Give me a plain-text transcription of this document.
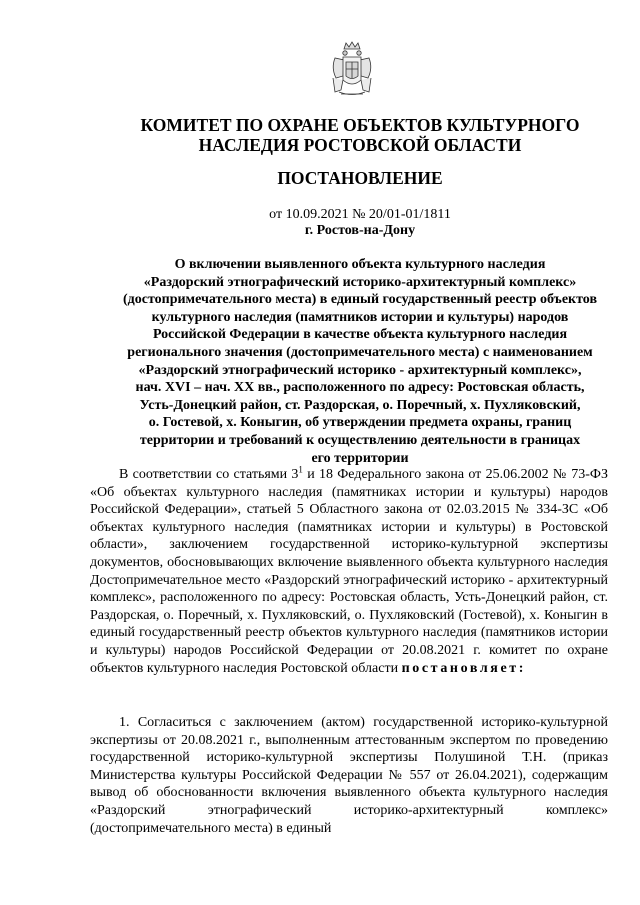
КОМИТЕТ ПО ОХРАНЕ ОБЪЕКТОВ КУЛЬТУРНОГО
НАСЛЕДИЯ РОСТОВСКОЙ ОБЛАСТИ
ПОСТАНОВЛЕНИЕ
от 10.09.2021 № 20/01-01/1811
г. Ростов-на-Дону
О включении выявленного объекта культурного наследия
«Раздорский этнографический историко-архитектурный комплекс»
(достопримечательного места) в единый государственный реестр объектов
культурного наследия (памятников истории и культуры) народов
Российской Федерации в качестве объекта культурного наследия
регионального значения (достопримечательного места) с наименованием
«Раздорский этнографический историко - архитектурный комплекс»,
нач. XVI – нач. XX вв., расположенного по адресу: Ростовская область,
Усть-Донецкий район, ст. Раздорская, о. Поречный, х. Пухляковский,
о. Гостевой, х. Коныгин, об утверждении предмета охраны, границ
территории и требований к осуществлению деятельности в границах
его территории

В соответствии со статьями $3^1$ и 18 Федерального закона от 25.06.2002 № 73-ФЗ «Об объектах культурного наследия (памятниках истории и культуры) народов Российской Федерации», статьей 5 Областного закона от 02.03.2015 № 334-ЗС «Об объектах культурного наследия (памятниках истории и культуры) в Ростовской области», заключением государственной историко-культурной экспертизы документов, обосновывающих включение выявленного объекта культурного наследия Достопримечательное место «Раздорский этнографический историко - архитектурный комплекс», расположенного по адресу: Ростовская область, Усть-Донецкий район, ст. Раздорская, о. Поречный, х. Пухляковский, о. Пухляковский (Гостевой), х. Коныгин в единый государственный реестр объектов культурного наследия (памятников истории и культуры) народов Российской Федерации от 20.08.2021 г. комитет по охране объектов культурного наследия Ростовской области постановляет:

1. Согласиться с заключением (актом) государственной историко-культурной экспертизы от 20.08.2021 г., выполненным аттестованным экспертом по проведению государственной историко-культурной экспертизы Полушиной Т.Н. (приказ Министерства культуры Российской Федерации № 557 от 26.04.2021), содержащим вывод об обоснованности включения выявленного объекта культурного наследия «Раздорский этнографический историко-архитектурный комплекс» (достопримечательного места) в единый
